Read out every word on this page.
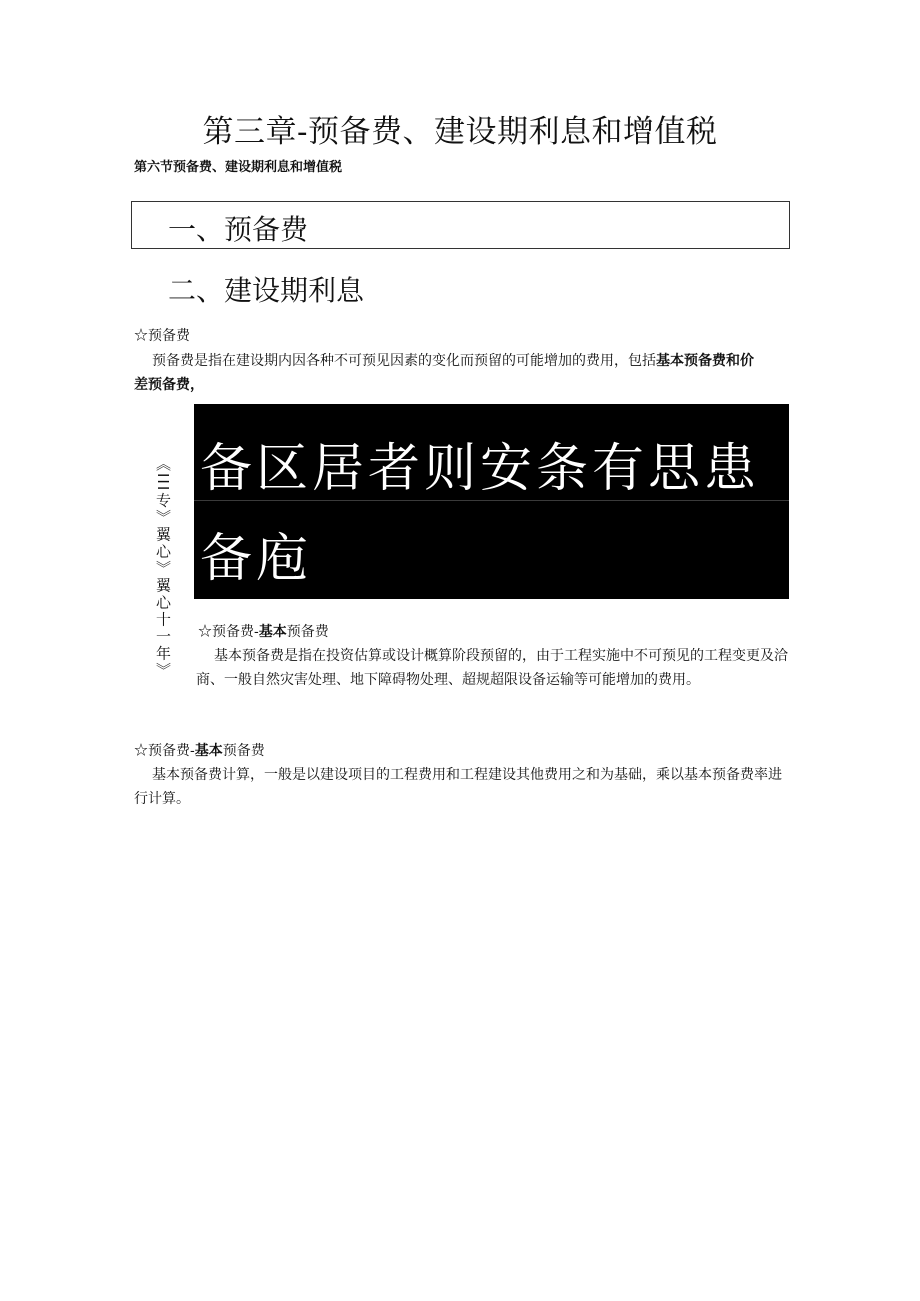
第三章-预备费、建设期利息和增值税
第六节预备费、建设期利息和增值税
一、预备费
二、建设期利息
☆预备费
预备费是指在建设期内因各种不可预见因素的变化而预留的可能增加的费用，包括基本预备费和价差预备费，
《III专》翼心》翼心十一年》 备区居者则安条有思患
备庖
☆预备费-基本预备费
基本预备费是指在投资估算或设计概算阶段预留的，由于工程实施中不可预见的工程变更及洽商、一般自然灾害处理、地下障碍物处理、超规超限设备运输等可能增加的费用。
☆预备费-基本预备费
基本预备费计算，一般是以建设项目的工程费用和工程建设其他费用之和为基础，乘以基本预备费率进行计算。
